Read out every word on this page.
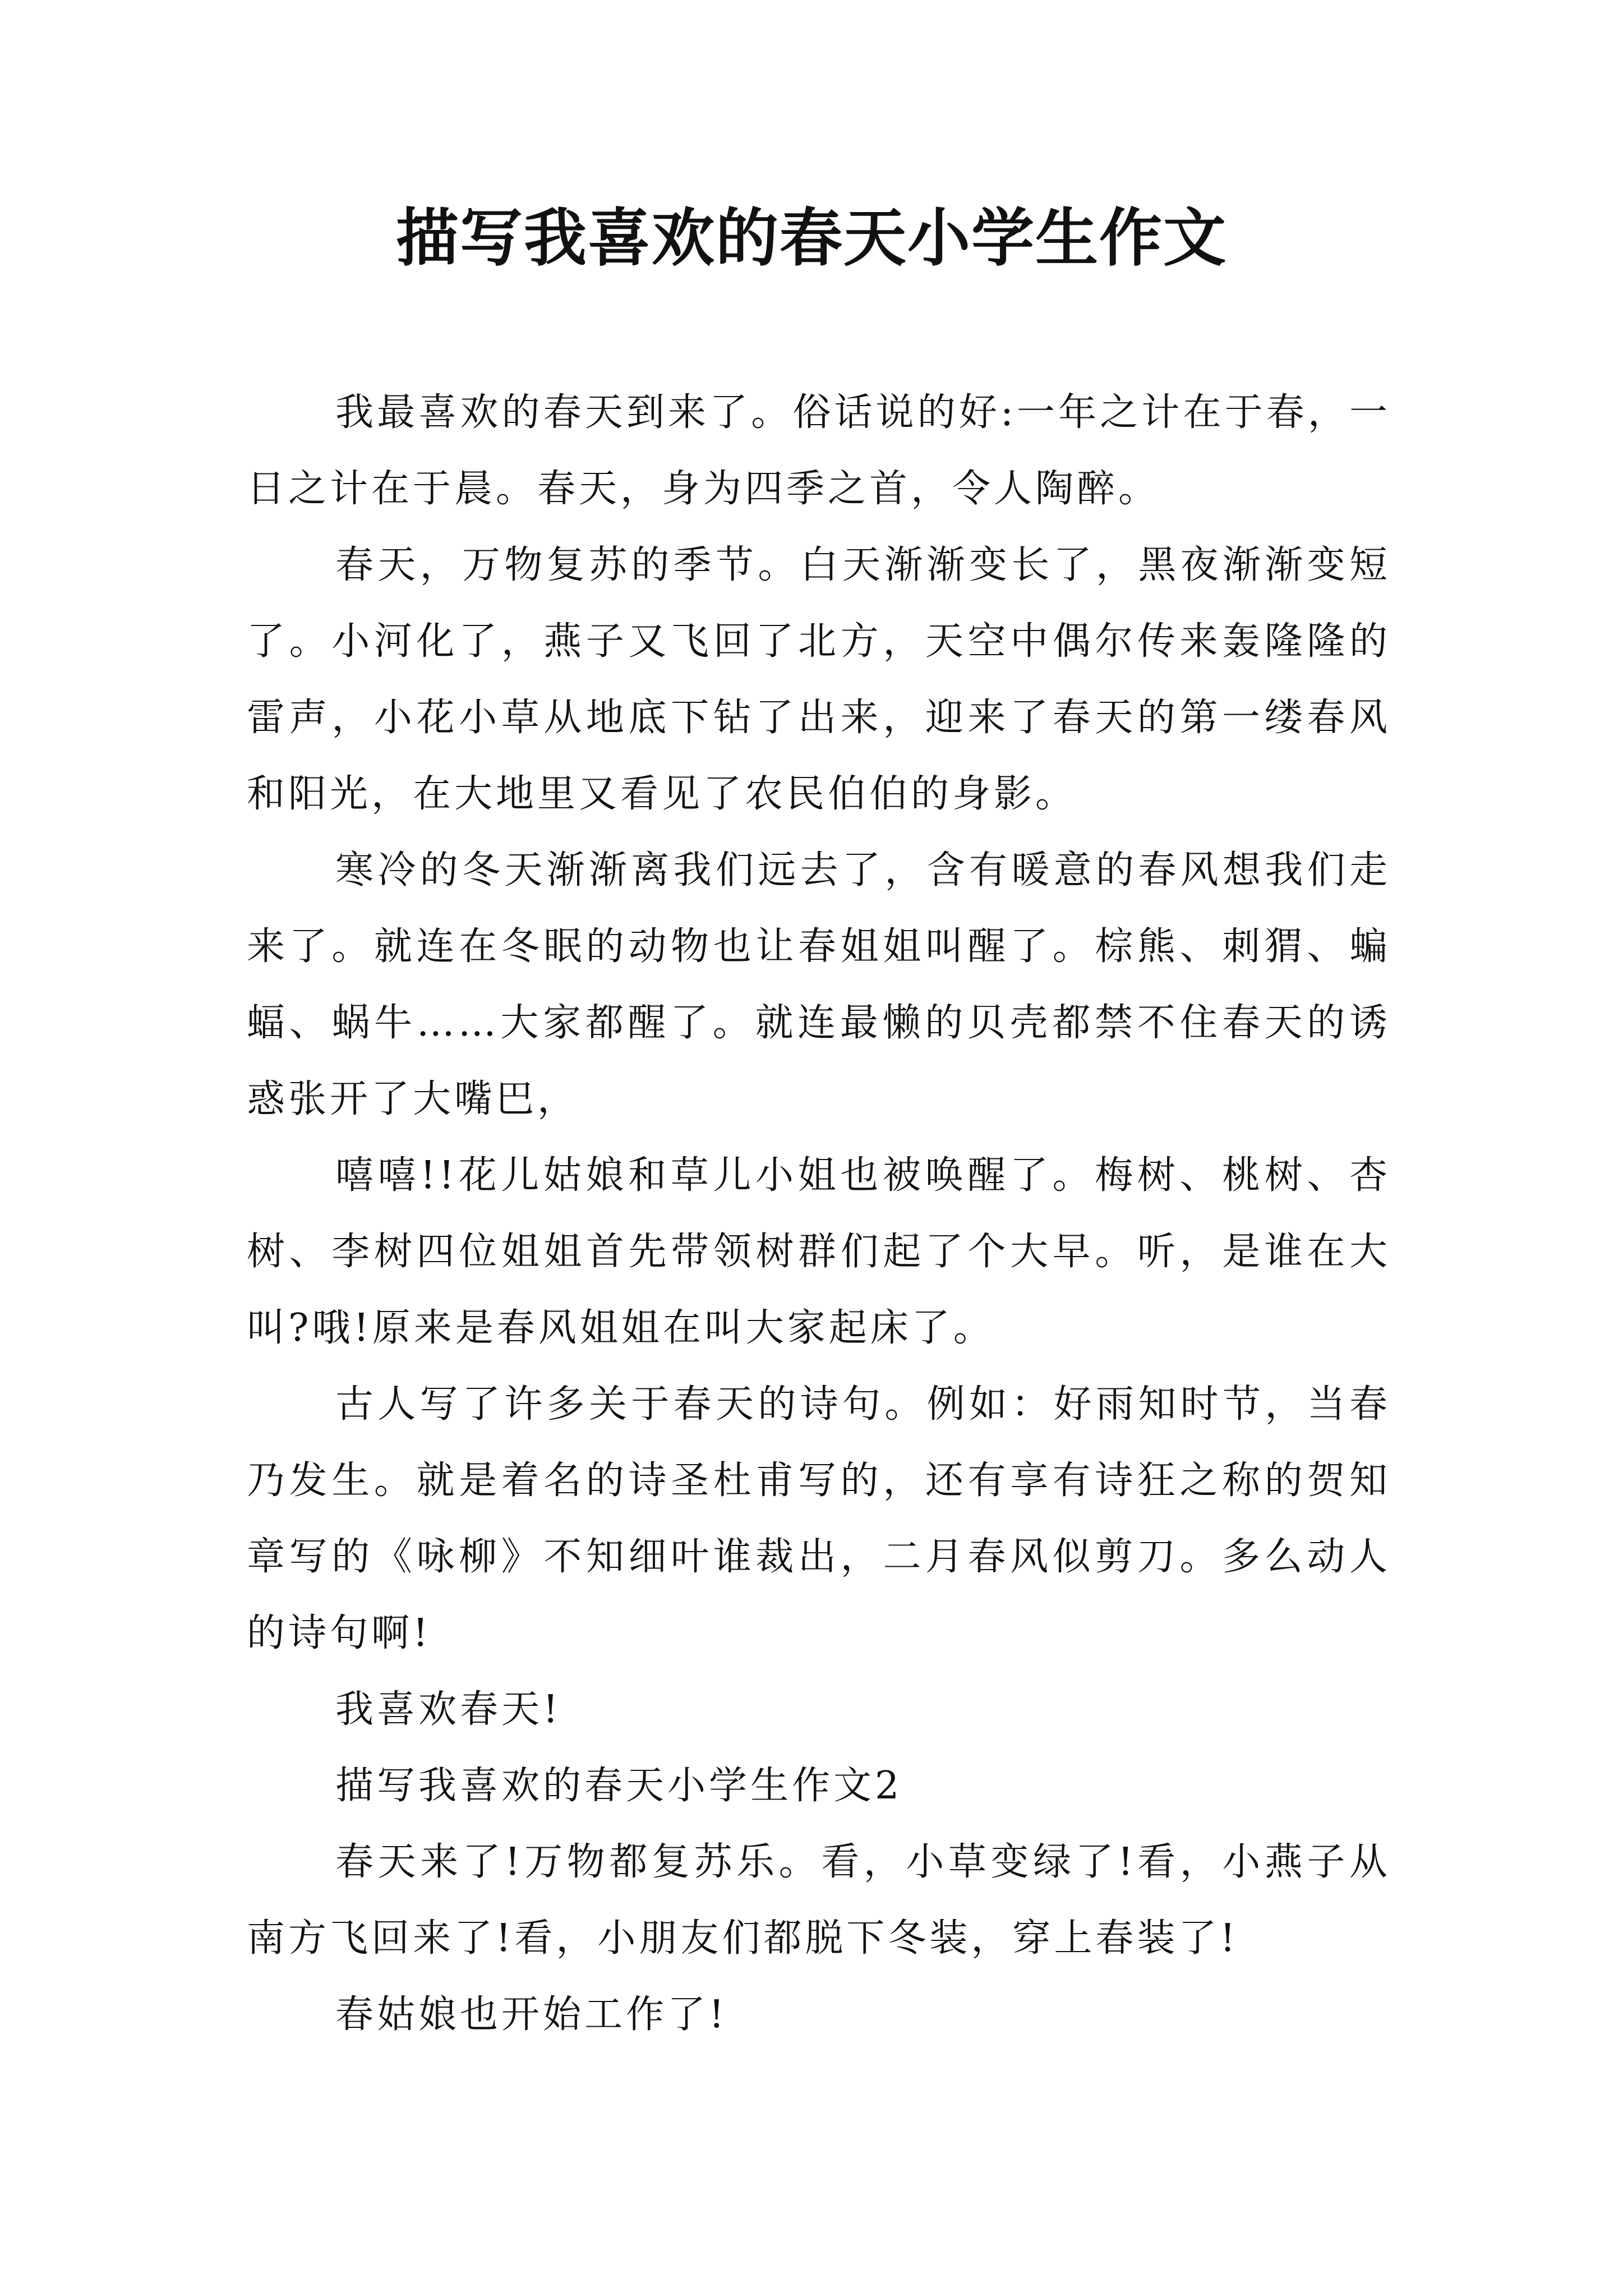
描写我喜欢的春天小学生作文

我最喜欢的春天到来了。俗话说的好:一年之计在于春，一日之计在于晨。春天，身为四季之首，令人陶醉。

春天，万物复苏的季节。白天渐渐变长了，黑夜渐渐变短了。小河化了，燕子又飞回了北方，天空中偶尔传来轰隆隆的雷声，小花小草从地底下钻了出来，迎来了春天的第一缕春风和阳光，在大地里又看见了农民伯伯的身影。

寒冷的冬天渐渐离我们远去了，含有暖意的春风想我们走来了。就连在冬眠的动物也让春姐姐叫醒了。棕熊、刺猬、蝙蝠、蜗牛……大家都醒了。就连最懒的贝壳都禁不住春天的诱惑张开了大嘴巴，

嘻嘻!!花儿姑娘和草儿小姐也被唤醒了。梅树、桃树、杏树、李树四位姐姐首先带领树群们起了个大早。听，是谁在大叫?哦!原来是春风姐姐在叫大家起床了。

古人写了许多关于春天的诗句。例如：好雨知时节，当春乃发生。就是着名的诗圣杜甫写的，还有享有诗狂之称的贺知章写的《咏柳》不知细叶谁裁出，二月春风似剪刀。多么动人的诗句啊!

我喜欢春天!

描写我喜欢的春天小学生作文2

春天来了!万物都复苏乐。看，小草变绿了!看，小燕子从南方飞回来了!看，小朋友们都脱下冬装，穿上春装了!

春姑娘也开始工作了!
